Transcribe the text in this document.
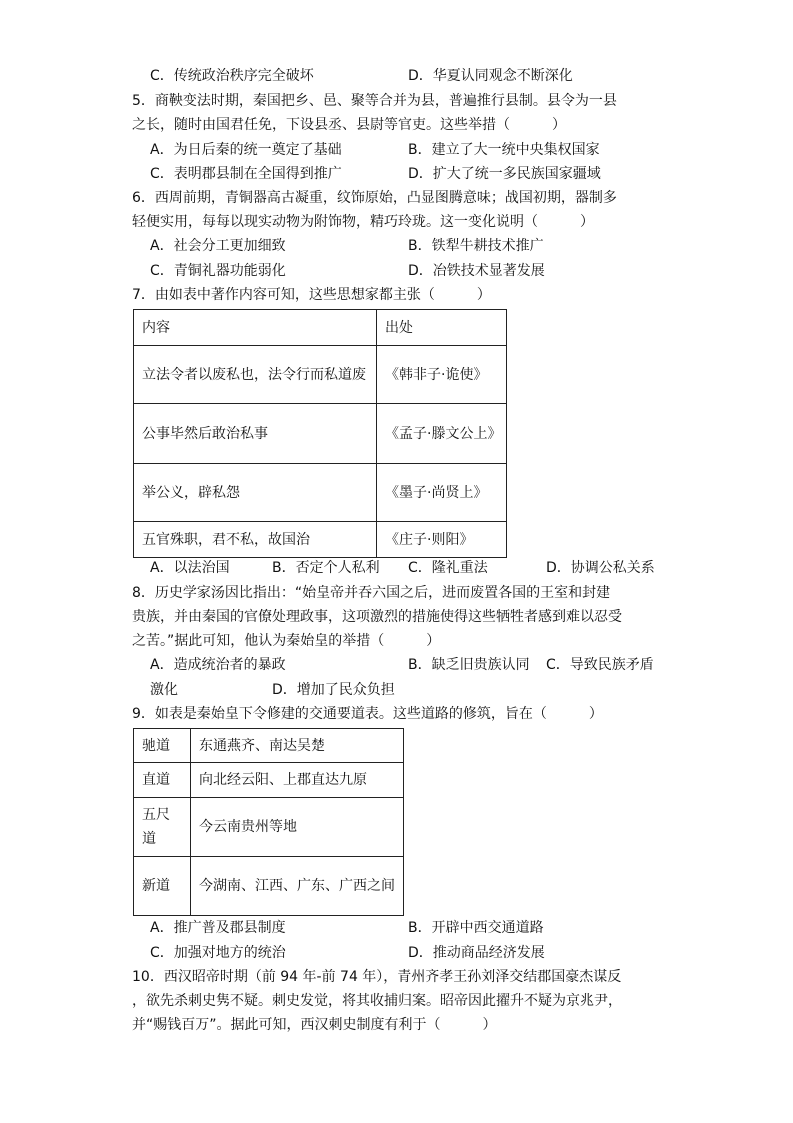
C．传统政治秩序完全破坏	D．华夏认同观念不断深化
5．商鞅变法时期，秦国把乡、邑、聚等合并为县，普遍推行县制。县令为一县
之长，随时由国君任免，下设县丞、县尉等官吏。这些举措（　　　）
A．为日后秦的统一奠定了基础	B．建立了大一统中央集权国家
C．表明郡县制在全国得到推广	D．扩大了统一多民族国家疆域
6．西周前期，青铜器高古凝重，纹饰原始，凸显图腾意味；战国初期，器制多
轻便实用，每每以现实动物为附饰物，精巧玲珑。这一变化说明（　　　）
A．社会分工更加细致	B．铁犁牛耕技术推广
C．青铜礼器功能弱化	D．冶铁技术显著发展
7．由如表中著作内容可知，这些思想家都主张（　　　）
内容	出处
立法令者以废私也，法令行而私道废	《韩非子·诡使》
公事毕然后敢治私事	《孟子·滕文公上》
举公义，辟私怨	《墨子·尚贤上》
五官殊职，君不私，故国治	《庄子·则阳》
A．以法治国	B．否定个人私利 C．隆礼重法	D．协调公私关系
8．历史学家汤因比指出：“始皇帝并吞六国之后，进而废置各国的王室和封建
贵族，并由秦国的官僚处理政事，这项激烈的措施使得这些牺牲者感到难以忍受
之苦。”据此可知，他认为秦始皇的举措（　　　）
A．造成统治者的暴政	B．缺乏旧贵族认同 C．导致民族矛盾
激化	D．增加了民众负担
9．如表是秦始皇下令修建的交通要道表。这些道路的修筑，旨在（　　　）
驰道	东通燕齐、南达吴楚
直道	向北经云阳、上郡直达九原
五尺道	今云南贵州等地
新道	今湖南、江西、广东、广西之间
A．推广普及郡县制度	B．开辟中西交通道路
C．加强对地方的统治	D．推动商品经济发展
10．西汉昭帝时期（前 94 年-前 74 年），青州齐孝王孙刘泽交结郡国豪杰谋反
，欲先杀刺史隽不疑。刺史发觉，将其收捕归案。昭帝因此擢升不疑为京兆尹，
并“赐钱百万”。据此可知，西汉刺史制度有利于（　　　）
